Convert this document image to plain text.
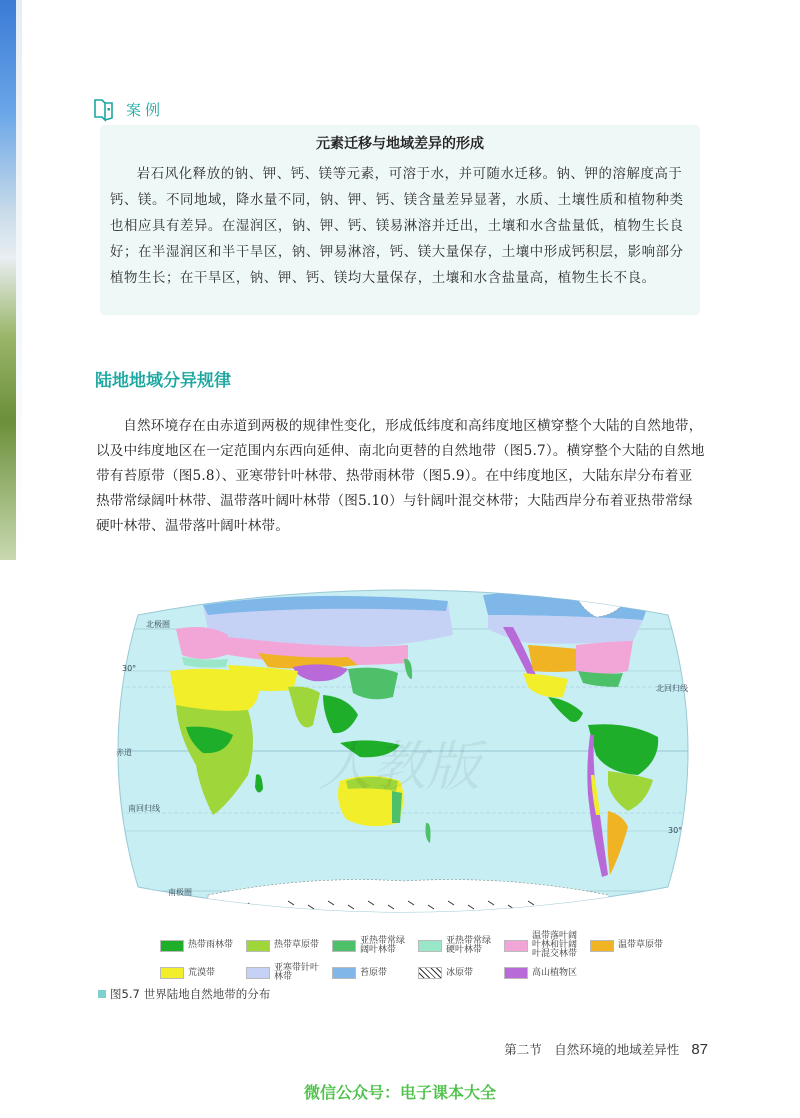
案例
元素迁移与地域差异的形成
岩石风化释放的钠、钾、钙、镁等元素，可溶于水，并可随水迁移。钠、钾的溶解度高于钙、镁。不同地域，降水量不同，钠、钾、钙、镁含量差异显著，水质、土壤性质和植物种类也相应具有差异。在湿润区，钠、钾、钙、镁易淋溶并迁出，土壤和水含盐量低，植物生长良好；在半湿润区和半干旱区，钠、钾易淋溶，钙、镁大量保存，土壤中形成钙积层，影响部分植物生长；在干旱区，钠、钾、钙、镁均大量保存，土壤和水含盐量高，植物生长不良。
陆地地域分异规律
自然环境存在由赤道到两极的规律性变化，形成低纬度和高纬度地区横穿整个大陆的自然地带，以及中纬度地区在一定范围内东西向延伸、南北向更替的自然地带（图5.7）。横穿整个大陆的自然地带有苔原带（图5.8）、亚寒带针叶林带、热带雨林带（图5.9）。在中纬度地区，大陆东岸分布着亚热带常绿阔叶林带、温带落叶阔叶林带（图5.10）与针阔叶混交林带；大陆西岸分布着亚热带常绿硬叶林带、温带落叶阔叶林带。
北极圈
30°
北回归线
赤道
南回归线
30°
南极圈
人教版
热带雨林带	热带草原带	亚热带常绿阔叶林带
亚热带常绿硬叶林带
温带落叶阔叶林和针阔叶混交林带
温带草原带
荒漠带	亚寒带针叶林带	苔原带	冰原带	高山植物区
图5.7 世界陆地自然地带的分布
第二节　自然环境的地域差异性 87
微信公众号：电子课本大全
